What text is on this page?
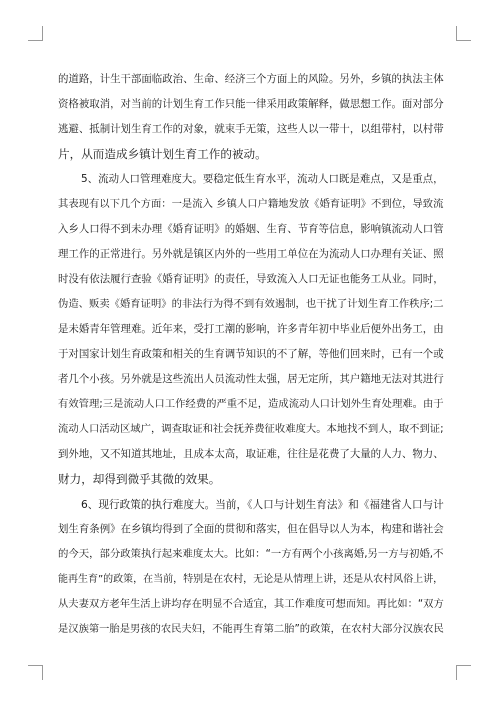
的道路，计生干部面临政治、生命、经济三个方面上的风险。另外，乡镇的执法主体
资格被取消，对当前的计划生育工作只能一律采用政策解释，做思想工作。面对部分
逃避、抵制计划生育工作的对象，就束手无策，这些人以一带十，以组带村，以村带
片，从而造成乡镇计划生育工作的被动。
5、流动人口管理难度大。要稳定低生育水平，流动人口既是难点，又是重点，
其表现有以下几个方面：一是流入 乡镇人口户籍地发放《婚育证明》不到位，导致流
入乡人口得不到未办理《婚育证明》的婚姻、生育、节育等信息，影响镇流动人口管
理工作的正常进行。另外就是镇区内外的一些用工单位在为流动人口办理有关证、照
时没有依法履行查验《婚育证明》的责任，导致流入人口无证也能务工从业。同时，
伪造、贩卖《婚育证明》的非法行为得不到有效遏制，也干扰了计划生育工作秩序;二
是未婚青年管理难。近年来，受打工潮的影响，许多青年初中毕业后便外出务工，由
于对国家计划生育政策和相关的生育调节知识的不了解，等他们回来时，已有一个或
者几个小孩。另外就是这些流出人员流动性太强，居无定所，其户籍地无法对其进行
有效管理;三是流动人口工作经费的严重不足，造成流动人口计划外生育处理难。由于
流动人口活动区域广，调查取证和社会抚养费征收难度大。本地找不到人，取不到证;
到外地，又不知道其地址，且成本太高，取证难，往往是花费了大量的人力、物力、
财力，却得到微乎其微的效果。
6、现行政策的执行难度大。当前，《人口与计划生育法》和《福建省人口与计
划生育条例》在乡镇均得到了全面的贯彻和落实，但在倡导以人为本，构建和谐社会
的今天，部分政策执行起来难度太大。比如：“一方有两个小孩离婚,另一方与初婚,不
能再生育”的政策，在当前，特别是在农村，无论是从情理上讲，还是从农村风俗上讲，
从夫妻双方老年生活上讲均存在明显不合适宜，其工作难度可想而知。再比如：“双方
是汉族第一胎是男孩的农民夫妇，不能再生育第二胎”的政策，在农村大部分汉族农民
